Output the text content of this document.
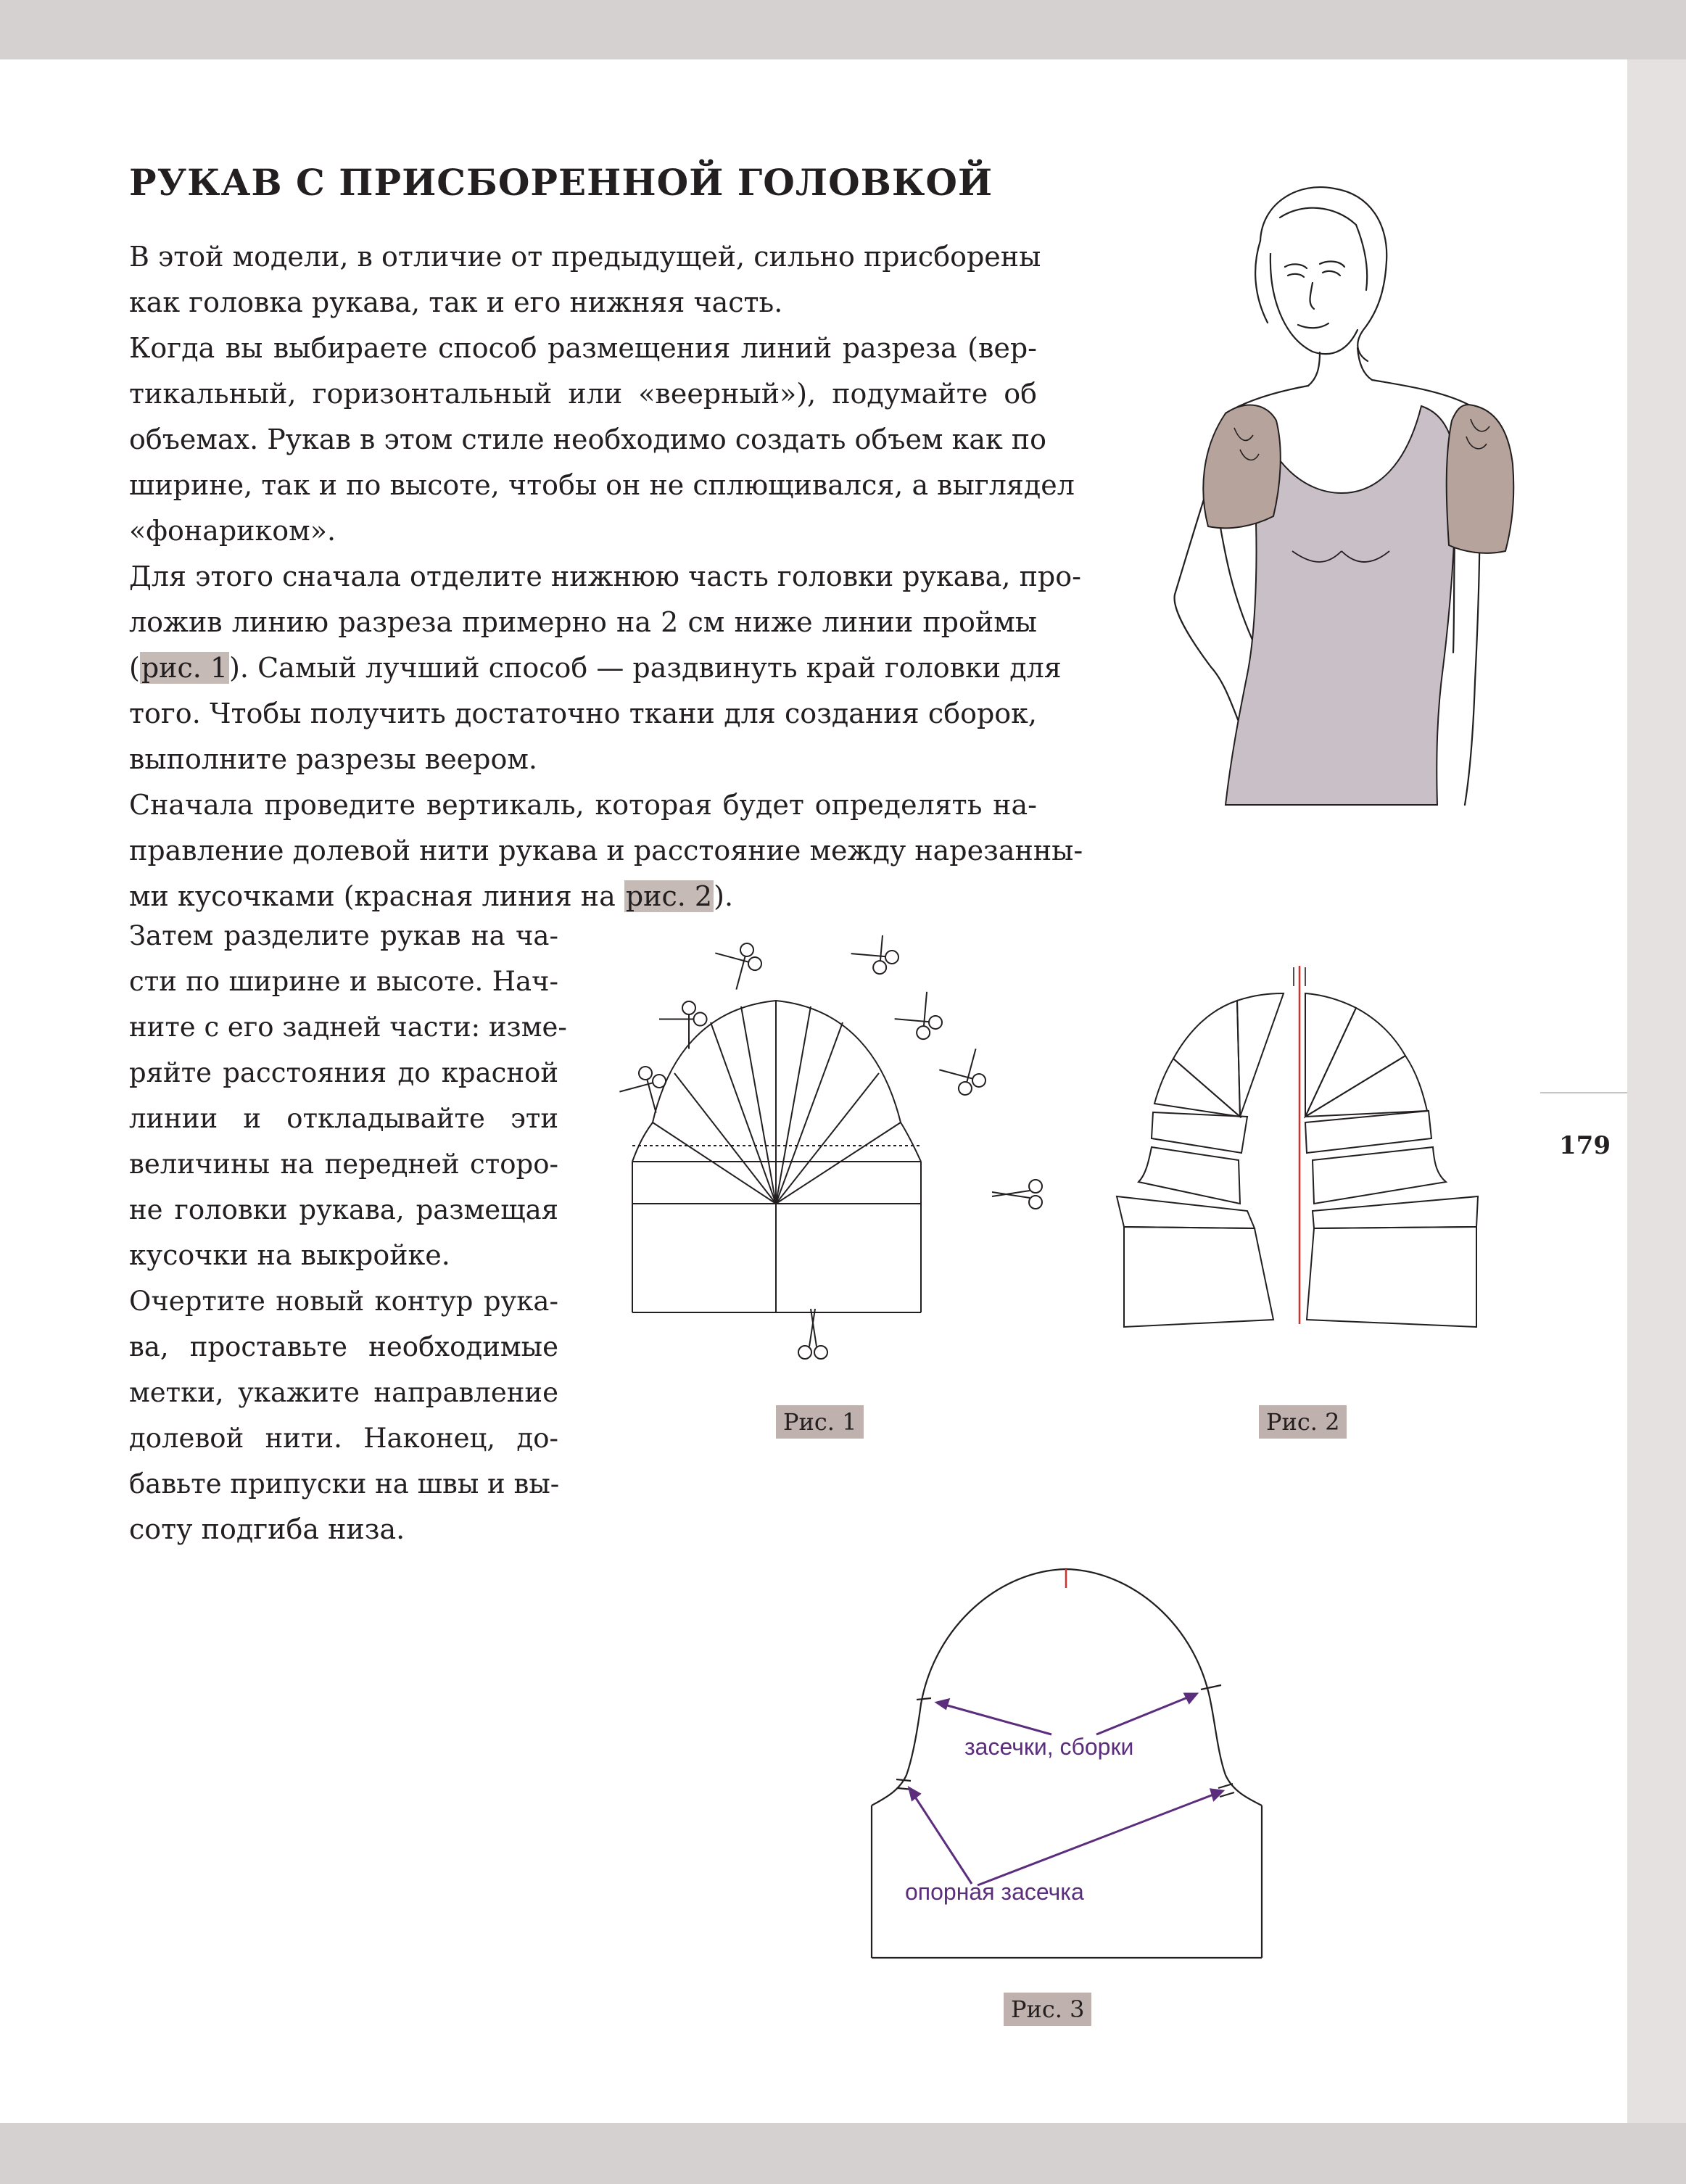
179
РУКАВ С ПРИСБОРЕННОЙ ГОЛОВКОЙ

В этой модели, в отличие от предыдущей, сильно присборены
как головка рукава, так и его нижняя часть.

Когда вы выбираете способ размещения линий разреза (вер-
тикальный, горизонтальный или «веерный»), подумайте об
объемах. Рукав в этом стиле необходимо создать объем как по
ширине, так и по высоте, чтобы он не сплющивался, а выглядел
«фонариком».

Для этого сначала отделите нижнюю часть головки рукава, про-
ложив линию разреза примерно на 2 см ниже линии проймы
(рис. 1). Самый лучший способ — раздвинуть край головки для
того. Чтобы получить достаточно ткани для создания сборок,
выполните разрезы веером.

Сначала проведите вертикаль, которая будет определять на-
правление долевой нити рукава и расстояние между нарезанны-
ми кусочками (красная линия на рис. 2).

Затем разделите рукав на ча-
сти по ширине и высоте. Нач-
ните с его задней части: изме-
ряйте расстояния до красной
линии и откладывайте эти
величины на передней сторо-
не головки рукава, размещая
кусочки на выкройке.

Очертите новый контур рука-
ва, проставьте необходимые
метки, укажите направление
долевой нити. Наконец, до-
бавьте припуски на швы и вы-
соту подгиба низа.

Рис. 1	Рис. 2
засечки, сборки
опорная засечка
Рис. 3
